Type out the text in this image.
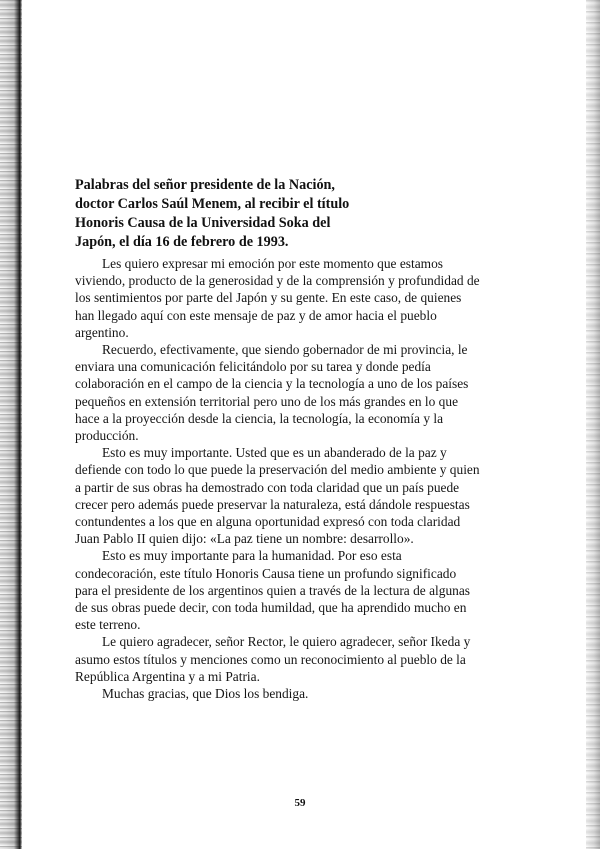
Palabras del señor presidente de la Nación,
doctor Carlos Saúl Menem, al recibir el título
Honoris Causa de la Universidad Soka del
Japón, el día 16 de febrero de 1993.

Les quiero expresar mi emoción por este momento que estamos
viviendo, producto de la generosidad y de la comprensión y profundidad de
los sentimientos por parte del Japón y su gente. En este caso, de quienes
han llegado aquí con este mensaje de paz y de amor hacia el pueblo
argentino.

Recuerdo, efectivamente, que siendo gobernador de mi provincia, le
enviara una comunicación felicitándolo por su tarea y donde pedía
colaboración en el campo de la ciencia y la tecnología a uno de los países
pequeños en extensión territorial pero uno de los más grandes en lo que
hace a la proyección desde la ciencia, la tecnología, la economía y la
producción.

Esto es muy importante. Usted que es un abanderado de la paz y
defiende con todo lo que puede la preservación del medio ambiente y quien
a partir de sus obras ha demostrado con toda claridad que un país puede
crecer pero además puede preservar la naturaleza, está dándole respuestas
contundentes a los que en alguna oportunidad expresó con toda claridad
Juan Pablo II quien dijo: «La paz tiene un nombre: desarrollo».

Esto es muy importante para la humanidad. Por eso esta
condecoración, este título Honoris Causa tiene un profundo significado
para el presidente de los argentinos quien a través de la lectura de algunas
de sus obras puede decir, con toda humildad, que ha aprendido mucho en
este terreno.

Le quiero agradecer, señor Rector, le quiero agradecer, señor Ikeda y
asumo estos títulos y menciones como un reconocimiento al pueblo de la
República Argentina y a mi Patria.

Muchas gracias, que Dios los bendiga.

59
